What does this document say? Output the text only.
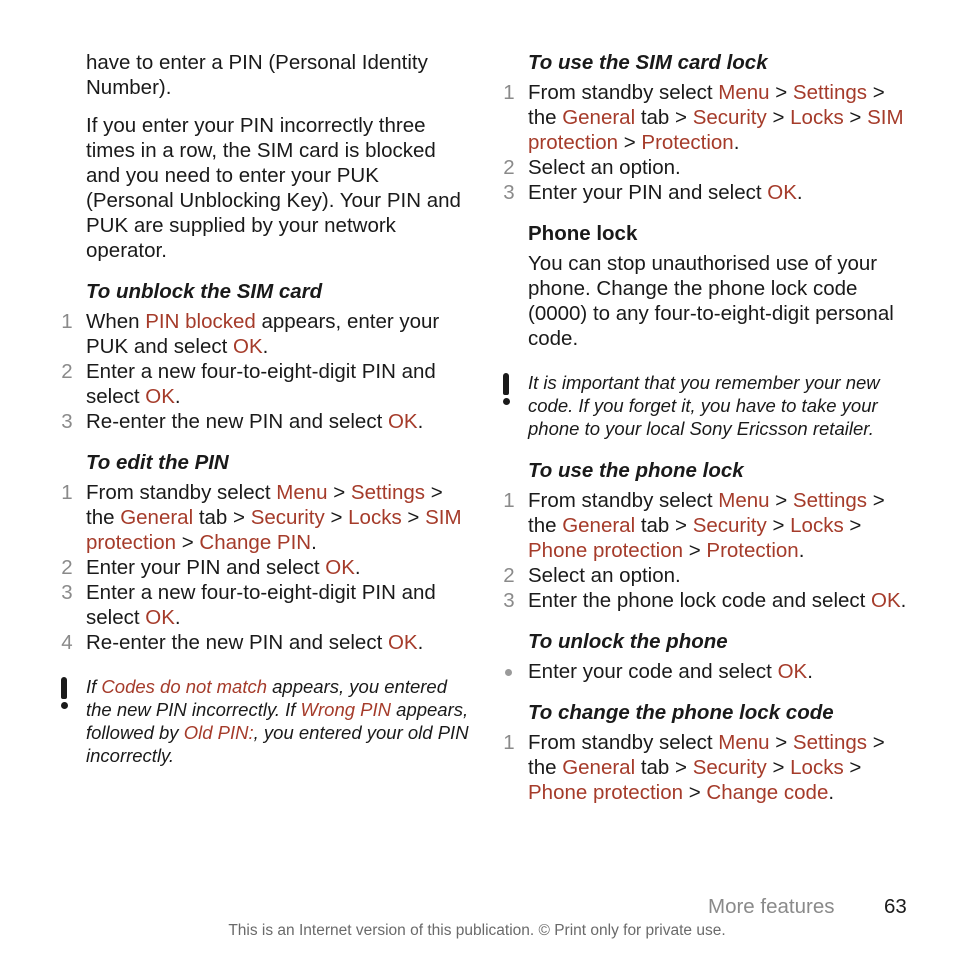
have to enter a PIN (Personal Identity Number).

If you enter your PIN incorrectly three times in a row, the SIM card is blocked and you need to enter your PUK (Personal Unblocking Key). Your PIN and PUK are supplied by your network operator.

To unblock the SIM card
1 When PIN blocked appears, enter your PUK and select OK.
2 Enter a new four-to-eight-digit PIN and select OK.
3 Re-enter the new PIN and select OK.
To edit the PIN
1 From standby select Menu > Settings > the General tab > Security > Locks > SIM protection > Change PIN.
2 Enter your PIN and select OK.
3 Enter a new four-to-eight-digit PIN and select OK.
4 Re-enter the new PIN and select OK.
If Codes do not match appears, you entered the new PIN incorrectly. If Wrong PIN appears, followed by Old PIN:, you entered your old PIN incorrectly.
To use the SIM card lock
1 From standby select Menu > Settings > the General tab > Security > Locks > SIM protection > Protection.
2 Select an option.
3 Enter your PIN and select OK.
Phone lock

You can stop unauthorised use of your phone. Change the phone lock code (0000) to any four-to-eight-digit personal code.

It is important that you remember your new code. If you forget it, you have to take your phone to your local Sony Ericsson retailer.
To use the phone lock
1 From standby select Menu > Settings > the General tab > Security > Locks > Phone protection > Protection.
2 Select an option.
3 Enter the phone lock code and select OK.
To unlock the phone
Enter your code and select OK.
To change the phone lock code
1 From standby select Menu > Settings > the General tab > Security > Locks > Phone protection > Change code.
More features 63
This is an Internet version of this publication. © Print only for private use.
